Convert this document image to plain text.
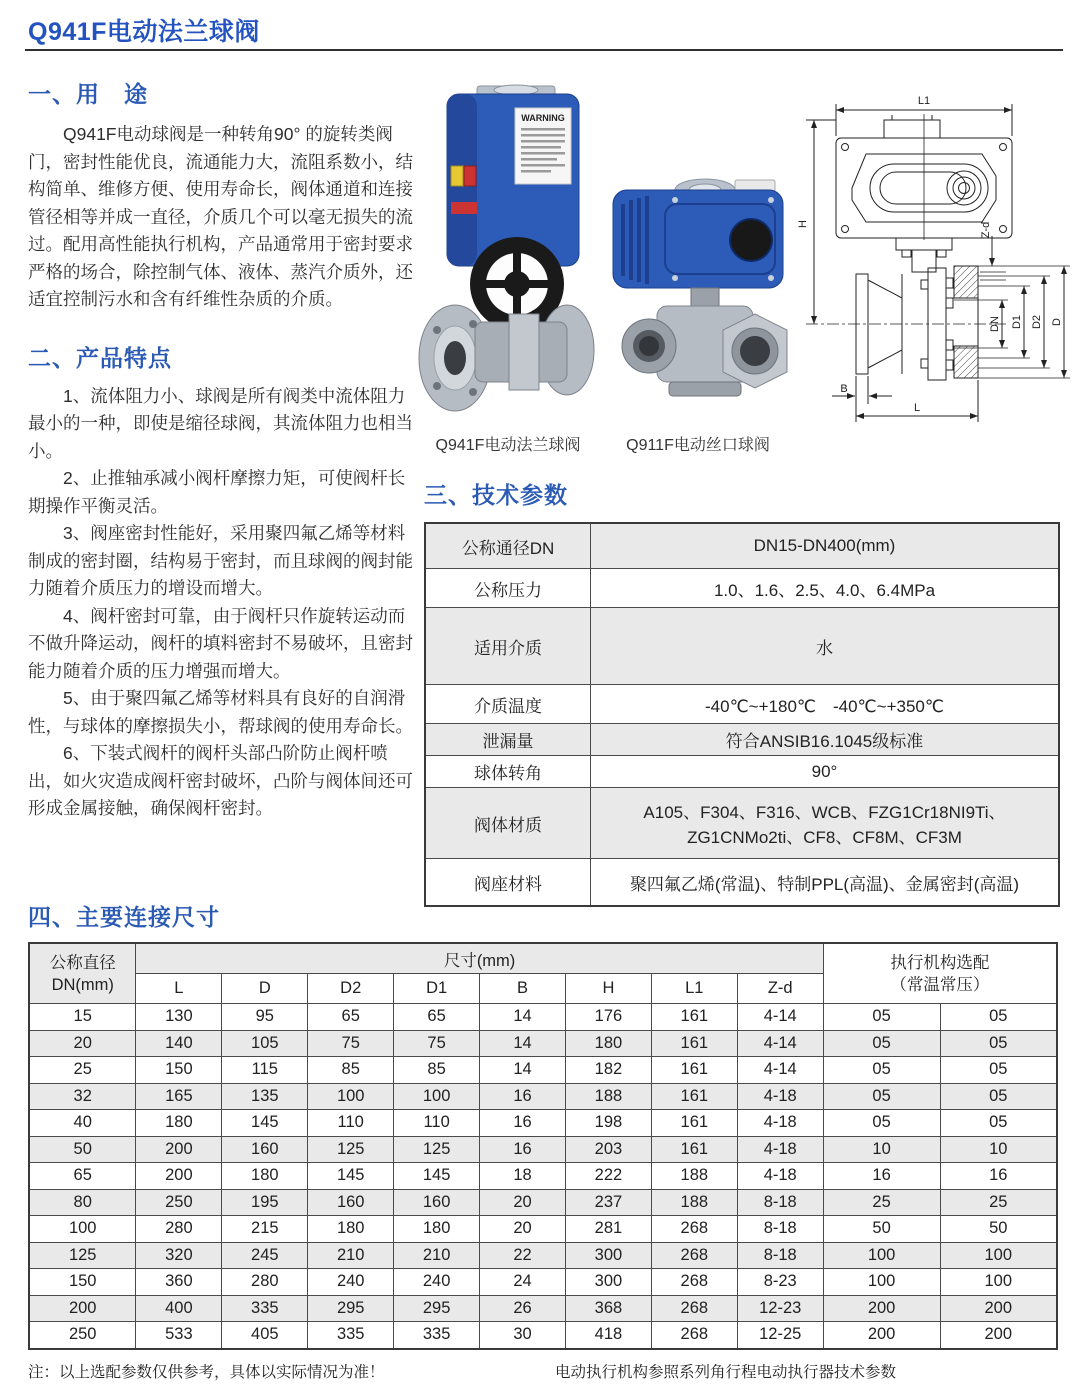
Q941F电动法兰球阀
一、用　途

Q941F电动球阀是一种转角90° 的旋转类阀门，密封性能优良，流通能力大，流阻系数小，结构简单、维修方便、使用寿命长，阀体通道和连接管径相等并成一直径，介质几个可以毫无损失的流过。配用高性能执行机构，产品通常用于密封要求严格的场合，除控制气体、液体、蒸汽介质外，还适宜控制污水和含有纤维性杂质的介质。

二、产品特点

1、流体阻力小、球阀是所有阀类中流体阻力最小的一种，即使是缩径球阀，其流体阻力也相当小。

2、止推轴承减小阀杆摩擦力矩，可使阀杆长期操作平衡灵活。

3、阀座密封性能好，采用聚四氟乙烯等材料制成的密封圈，结构易于密封，而且球阀的阀封能力随着介质压力的增设而增大。

4、阀杆密封可靠，由于阀杆只作旋转运动而不做升降运动，阀杆的填料密封不易破坏，且密封能力随着介质的压力增强而增大。

5、由于聚四氟乙烯等材料具有良好的自润滑性，与球体的摩擦损失小，帮球阀的使用寿命长。

6、下装式阀杆的阀杆头部凸阶防止阀杆喷出，如火灾造成阀杆密封破坏，凸阶与阀体间还可形成金属接触，确保阀杆密封。

WARNING
Q941F电动法兰球阀	Q911F电动丝口球阀
L1
H	Z-d
DN D1 D2 D
B
L
三、技术参数
公称通径DN	DN15-DN400(mm)
公称压力	1.0、1.6、2.5、4.0、6.4MPa
适用介质	水
介质温度	-40℃~+180℃　-40℃~+350℃
泄漏量	符合ANSIB16.1045级标准
球体转角	90°
阀体材质	A105、F304、F316、WCB、FZG1Cr18NI9Ti、ZG1CNMo2ti、CF8、CF8M、CF3M
阀座材料	聚四氟乙烯(常温)、特制PPL(高温)、金属密封(高温)
四、主要连接尺寸
公称直径
DN(mm)
	尺寸(mm)	执行机构选配
（常温常压）

	L	D	D2	D1	B	H	L1	Z-d		
15	130	95	65	65	14	176	161	4-14	05	05
20	140	105	75	75	14	180	161	4-14	05	05
25	150	115	85	85	14	182	161	4-14	05	05
32	165	135	100	100	16	188	161	4-18	05	05
40	180	145	110	110	16	198	161	4-18	05	05
50	200	160	125	125	16	203	161	4-18	10	10
65	200	180	145	145	18	222	188	4-18	16	16
80	250	195	160	160	20	237	188	8-18	25	25
100	280	215	180	180	20	281	268	8-18	50	50
125	320	245	210	210	22	300	268	8-18	100	100
150	360	280	240	240	24	300	268	8-23	100	100
200	400	335	295	295	26	368	268	12-23	200	200
250	533	405	335	335	30	418	268	12-25	200	200
注：以上选配参数仅供参考，具体以实际情况为准！	电动执行机构参照系列角行程电动执行器技术参数
